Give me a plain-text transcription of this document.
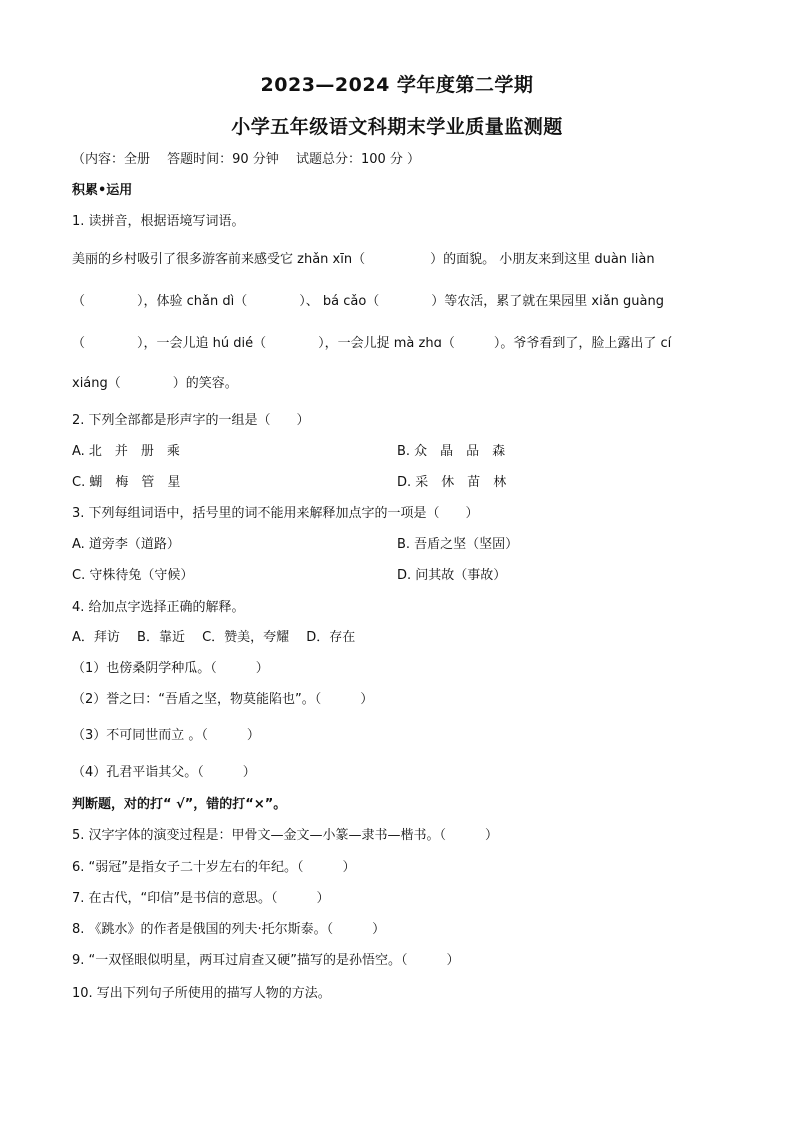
2023—2024 学年度第二学期
小学五年级语文科期末学业质量监测题
（内容：全册　 答题时间：90 分钟　 试题总分：100 分 ）
积累•运用
1. 读拼音，根据语境写词语。
美丽的乡村吸引了很多游客前来感受它 zhǎn xīn（　　　　　）的面貌。 小朋友来到这里 duàn liàn
（　　　　），体验 chǎn dì（　　　　）、 bá cǎo（　　　　）等农活，累了就在果园里 xiǎn guàng
（　　　　），一会儿追 hú dié（　　　　），一会儿捉 mà zhɑ（　　　）。爷爷看到了，脸上露出了 cí
xiáng（　　　　）的笑容。
2. 下列全部都是形声字的一组是（　　）
A. 北　并　册　乘	B. 众　晶　品　森
C. 蝴　梅　管　星	D. 采　休　苗　林
3. 下列每组词语中，括号里的词不能用来解释加点字的一项是（　　）
A. 道旁李（道路）	B. 吾盾之坚（坚固）
C. 守株待兔（守候）	D. 问其故（事故）
4. 给加点字选择正确的解释。
A．拜访　 B．靠近　 C．赞美，夸耀　 D．存在
（1）也傍桑阴学种瓜。（　　　）
（2）誉之曰：“吾盾之坚，物莫能陷也”。（　　　）
（3）不可同世而立 。（　　　）
（4）孔君平诣其父。（　　　）
判断题，对的打“ √”，错的打“×”。
5. 汉字字体的演变过程是：甲骨文—金文—小篆—隶书—楷书。（　　　）
6. “弱冠”是指女子二十岁左右的年纪。（　　　）
7. 在古代，“印信”是书信的意思。（　　　）
8. 《跳水》的作者是俄国的列夫·托尔斯泰。（　　　）
9. “一双怪眼似明星，两耳过肩查又硬”描写的是孙悟空。（　　　）
10. 写出下列句子所使用的描写人物的方法。
